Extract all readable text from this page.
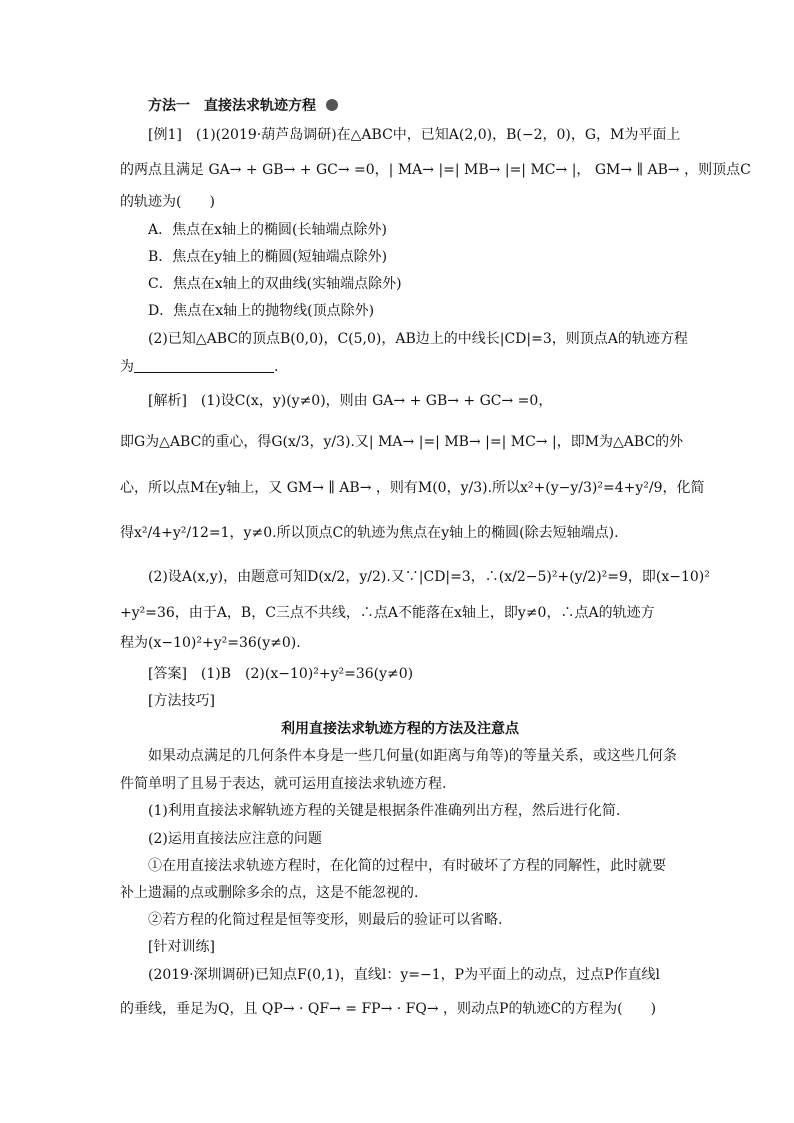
方法一　直接法求轨迹方程
[例1]　(1)(2019·葫芦岛调研)在△ABC中，已知A(2,0)，B(−2，0)，G，M为平面上
的两点且满足 GA→ + GB→ + GC→ =0，| MA→ |=| MB→ |=| MC→ |， GM→ ∥ AB→ ，则顶点C
的轨迹为(　　)
A．焦点在x轴上的椭圆(长轴端点除外)
B．焦点在y轴上的椭圆(短轴端点除外)
C．焦点在x轴上的双曲线(实轴端点除外)
D．焦点在x轴上的抛物线(顶点除外)
(2)已知△ABC的顶点B(0,0)，C(5,0)，AB边上的中线长|CD|=3，则顶点A的轨迹方程
为	.
[解析]　(1)设C(x，y)(y≠0)，则由 GA→ + GB→ + GC→ =0，
即G为△ABC的重心，得G(x/3，y/3).又| MA→ |=| MB→ |=| MC→ |，即M为△ABC的外
心，所以点M在y轴上，又 GM→ ∥ AB→ ，则有M(0，y/3).所以x²+(y−y/3)²=4+y²/9，化简
得x²/4+y²/12=1，y≠0.所以顶点C的轨迹为焦点在y轴上的椭圆(除去短轴端点).
(2)设A(x,y)，由题意可知D(x/2，y/2).又∵|CD|=3，∴(x/2−5)²+(y/2)²=9，即(x−10)²
+y²=36，由于A，B，C三点不共线，∴点A不能落在x轴上，即y≠0，∴点A的轨迹方
程为(x−10)²+y²=36(y≠0).
[答案]　(1)B　(2)(x−10)²+y²=36(y≠0)
[方法技巧]
利用直接法求轨迹方程的方法及注意点
如果动点满足的几何条件本身是一些几何量(如距离与角等)的等量关系，或这些几何条
件简单明了且易于表达，就可运用直接法求轨迹方程.
(1)利用直接法求解轨迹方程的关键是根据条件准确列出方程，然后进行化简.
(2)运用直接法应注意的问题
①在用直接法求轨迹方程时，在化简的过程中，有时破坏了方程的同解性，此时就要
补上遗漏的点或删除多余的点，这是不能忽视的.
②若方程的化简过程是恒等变形，则最后的验证可以省略.
[针对训练]
(2019·深圳调研)已知点F(0,1)，直线l：y=−1，P为平面上的动点，过点P作直线l
的垂线，垂足为Q，且 QP→ · QF→ = FP→ · FQ→ ，则动点P的轨迹C的方程为(　　)
